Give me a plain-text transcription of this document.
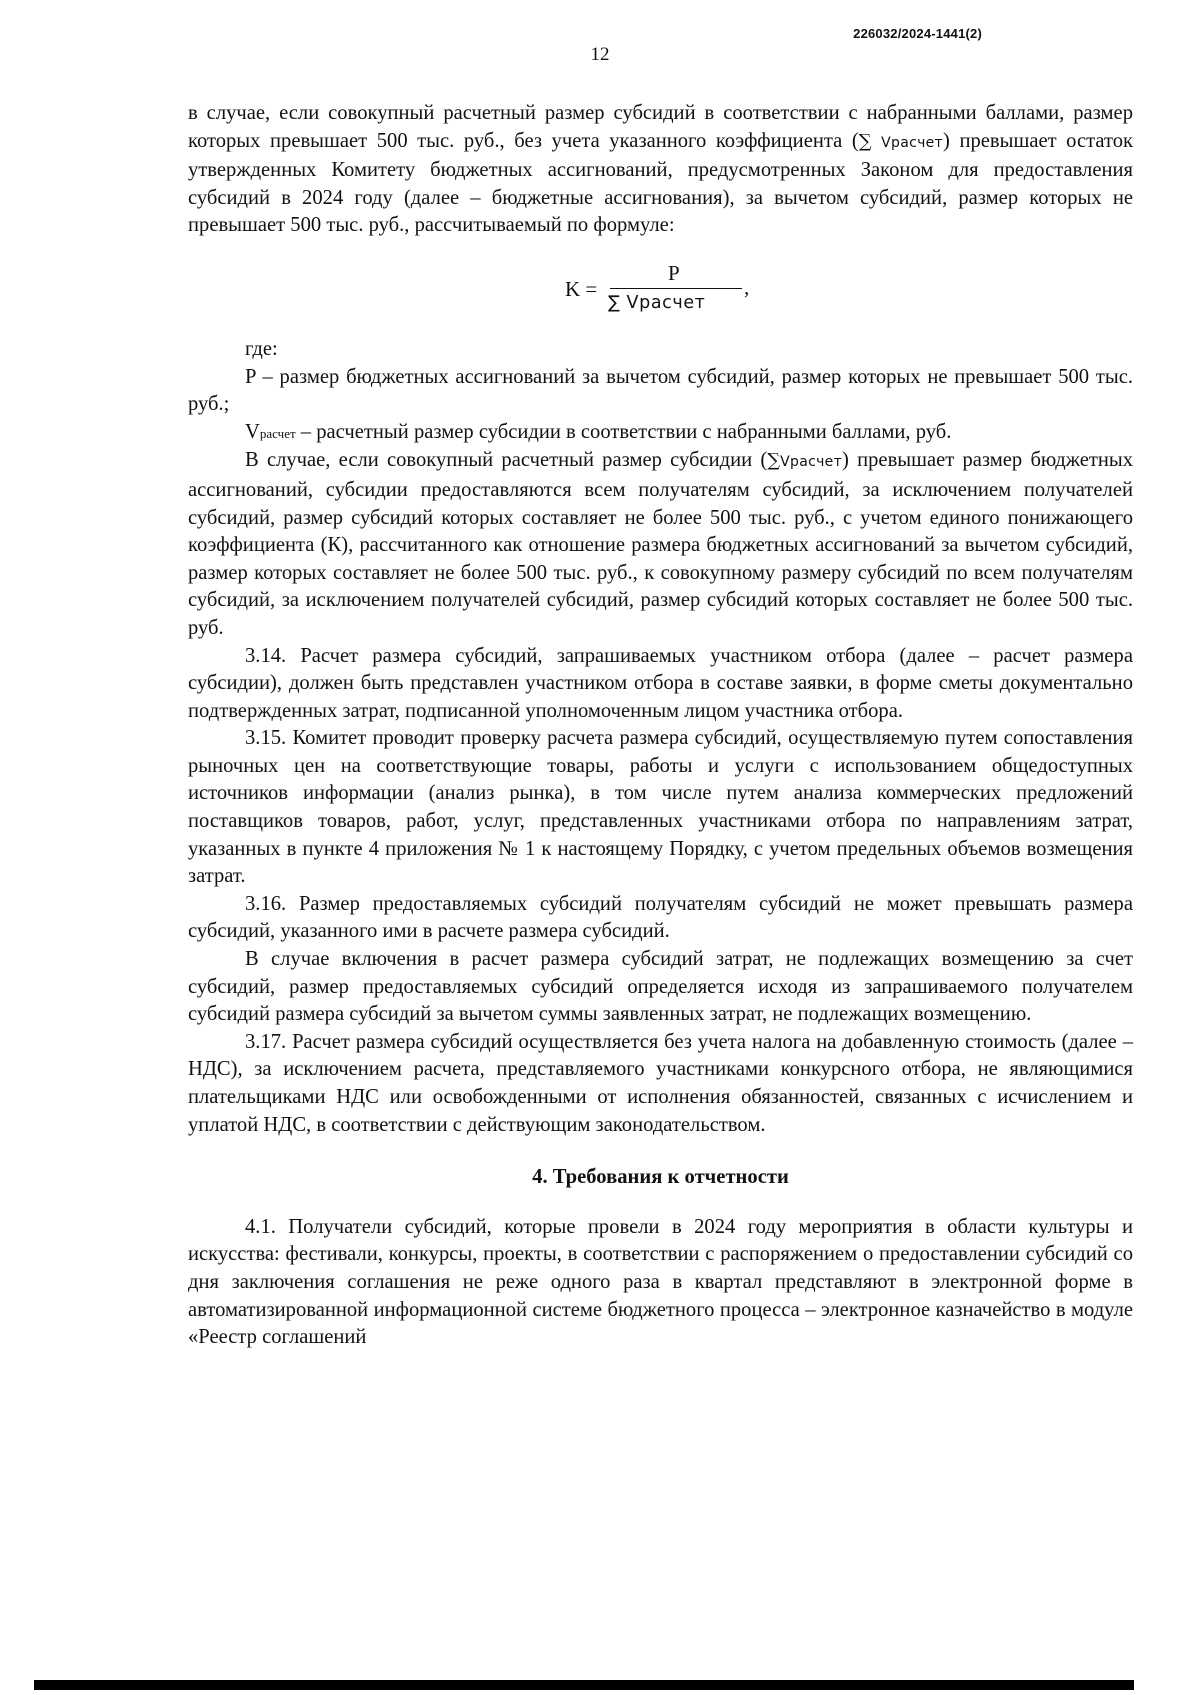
226032/2024-1441(2)
12

в случае, если совокупный расчетный размер субсидий в соответствии с набранными баллами, размер которых превышает 500 тыс. руб., без учета указанного коэффициента (∑ Vрасчет) превышает остаток утвержденных Комитету бюджетных ассигнований, предусмотренных Законом для предоставления субсидий в 2024 году (далее – бюджетные ассигнования), за вычетом субсидий, размер которых не превышает 500 тыс. руб., рассчитываемый по формуле:

K =
P
∑ Vрасчет
,

где:

P – размер бюджетных ассигнований за вычетом субсидий, размер которых не превышает 500 тыс. руб.;

Vрасчет – расчетный размер субсидии в соответствии с набранными баллами, руб.

В случае, если совокупный расчетный размер субсидии (∑Vрасчет) превышает размер бюджетных ассигнований, субсидии предоставляются всем получателям субсидий, за исключением получателей субсидий, размер субсидий которых составляет не более 500 тыс. руб., с учетом единого понижающего коэффициента (К), рассчитанного как отношение размера бюджетных ассигнований за вычетом субсидий, размер которых составляет не более 500 тыс. руб., к совокупному размеру субсидий по всем получателям субсидий, за исключением получателей субсидий, размер субсидий которых составляет не более 500 тыс. руб.

3.14. Расчет размера субсидий, запрашиваемых участником отбора (далее – расчет размера субсидии), должен быть представлен участником отбора в составе заявки, в форме сметы документально подтвержденных затрат, подписанной уполномоченным лицом участника отбора.

3.15. Комитет проводит проверку расчета размера субсидий, осуществляемую путем сопоставления рыночных цен на соответствующие товары, работы и услуги с использованием общедоступных источников информации (анализ рынка), в том числе путем анализа коммерческих предложений поставщиков товаров, работ, услуг, представленных участниками отбора по направлениям затрат, указанных в пункте 4 приложения № 1 к настоящему Порядку, с учетом предельных объемов возмещения затрат.

3.16. Размер предоставляемых субсидий получателям субсидий не может превышать размера субсидий, указанного ими в расчете размера субсидий.

В случае включения в расчет размера субсидий затрат, не подлежащих возмещению за счет субсидий, размер предоставляемых субсидий определяется исходя из запрашиваемого получателем субсидий размера субсидий за вычетом суммы заявленных затрат, не подлежащих возмещению.

3.17. Расчет размера субсидий осуществляется без учета налога на добавленную стоимость (далее – НДС), за исключением расчета, представляемого участниками конкурсного отбора, не являющимися плательщиками НДС или освобожденными от исполнения обязанностей, связанных с исчислением и уплатой НДС, в соответствии с действующим законодательством.

4. Требования к отчетности

4.1. Получатели субсидий, которые провели в 2024 году мероприятия в области культуры и искусства: фестивали, конкурсы, проекты, в соответствии с распоряжением о предоставлении субсидий со дня заключения соглашения не реже одного раза в квартал представляют в электронной форме в автоматизированной информационной системе бюджетного процесса – электронное казначейство в модуле «Реестр соглашений
